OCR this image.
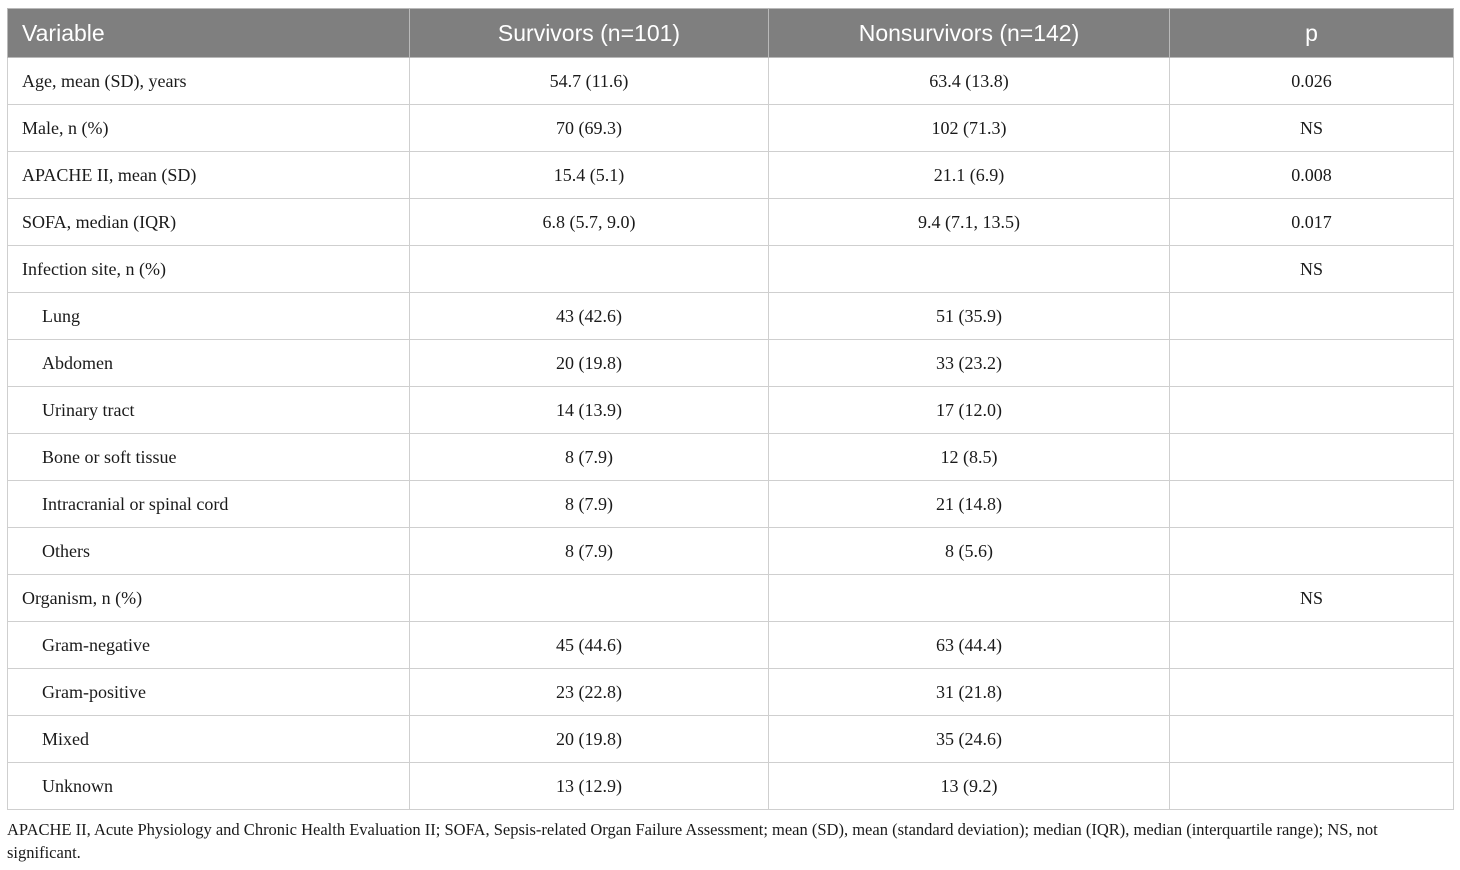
Variable	Survivors (n=101)	Nonsurvivors (n=142)	p
Age, mean (SD), years	54.7 (11.6)	63.4 (13.8)	0.026
Male, n (%)	70 (69.3)	102 (71.3)	NS
APACHE II, mean (SD)	15.4 (5.1)	21.1 (6.9)	0.008
SOFA, median (IQR)	6.8 (5.7, 9.0)	9.4 (7.1, 13.5)	0.017
Infection site, n (%)			NS
Lung	43 (42.6)	51 (35.9)	
Abdomen	20 (19.8)	33 (23.2)	
Urinary tract	14 (13.9)	17 (12.0)	
Bone or soft tissue	8 (7.9)	12 (8.5)	
Intracranial or spinal cord	8 (7.9)	21 (14.8)	
Others	8 (7.9)	8 (5.6)	
Organism, n (%)			NS
Gram-negative	45 (44.6)	63 (44.4)	
Gram-positive	23 (22.8)	31 (21.8)	
Mixed	20 (19.8)	35 (24.6)	
Unknown	13 (12.9)	13 (9.2)	
APACHE II, Acute Physiology and Chronic Health Evaluation II; SOFA, Sepsis-related Organ Failure Assessment; mean (SD), mean (standard deviation); median (IQR), median (interquartile range); NS, not significant.
